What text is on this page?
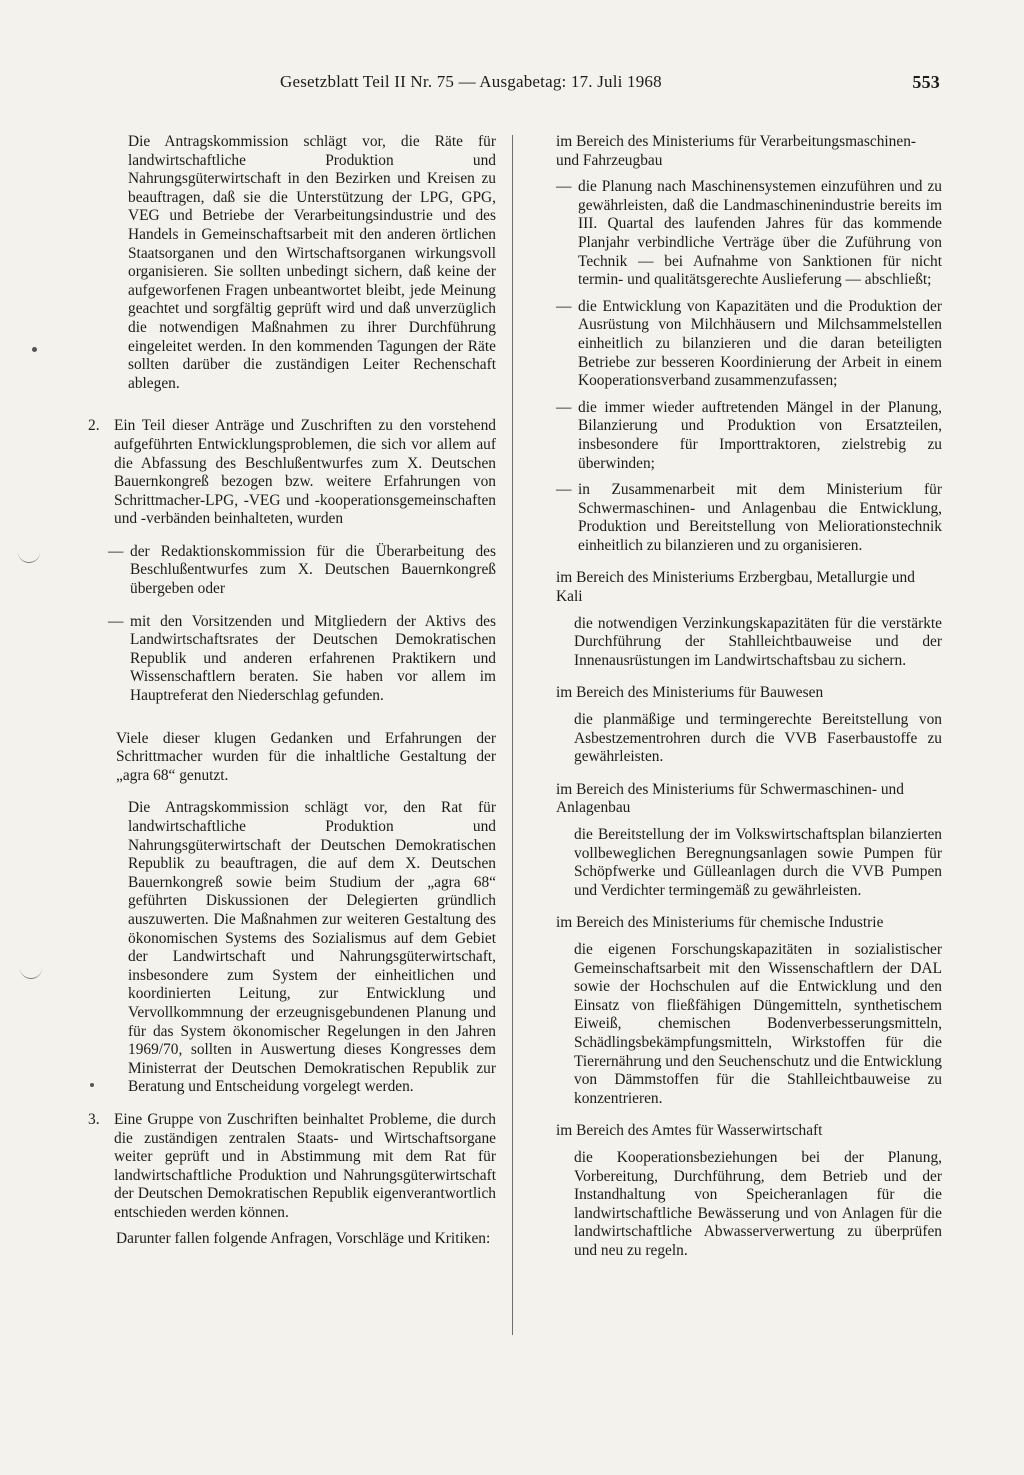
Gesetzblatt Teil II Nr. 75 — Ausgabetag: 17. Juli 1968	553

Die Antragskommission schlägt vor, die Räte für landwirtschaftliche Produktion und Nahrungsgüterwirtschaft in den Bezirken und Kreisen zu beauftragen, daß sie die Unterstützung der LPG, GPG, VEG und Betriebe der Verarbeitungsindustrie und des Handels in Gemeinschaftsarbeit mit den anderen örtlichen Staatsorganen und den Wirtschaftsorganen wirkungsvoll organisieren. Sie sollten unbedingt sichern, daß keine der aufgeworfenen Fragen unbeantwortet bleibt, jede Meinung geachtet und sorgfältig geprüft wird und daß unverzüglich die notwendigen Maßnahmen zu ihrer Durchführung eingeleitet werden. In den kommenden Tagungen der Räte sollten darüber die zuständigen Leiter Rechenschaft ablegen.

2. Ein Teil dieser Anträge und Zuschriften zu den vorstehend aufgeführten Entwicklungsproblemen, die sich vor allem auf die Abfassung des Beschlußentwurfes zum X. Deutschen Bauernkongreß bezogen bzw. weitere Erfahrungen von Schrittmacher-LPG, -VEG und -kooperationsgemeinschaften und -verbänden beinhalteten, wurden
— der Redaktionskommission für die Überarbeitung des Beschlußentwurfes zum X. Deutschen Bauernkongreß übergeben oder
— mit den Vorsitzenden und Mitgliedern der Aktivs des Landwirtschaftsrates der Deutschen Demokratischen Republik und anderen erfahrenen Praktikern und Wissenschaftlern beraten. Sie haben vor allem im Hauptreferat den Niederschlag gefunden.

Viele dieser klugen Gedanken und Erfahrungen der Schrittmacher wurden für die inhaltliche Gestaltung der „agra 68“ genutzt.

Die Antragskommission schlägt vor, den Rat für landwirtschaftliche Produktion und Nahrungsgüterwirtschaft der Deutschen Demokratischen Republik zu beauftragen, die auf dem X. Deutschen Bauernkongreß sowie beim Studium der „agra 68“ geführten Diskussionen der Delegierten gründlich auszuwerten. Die Maßnahmen zur weiteren Gestaltung des ökonomischen Systems des Sozialismus auf dem Gebiet der Landwirtschaft und Nahrungsgüterwirtschaft, insbesondere zum System der einheitlichen und koordinierten Leitung, zur Entwicklung und Vervollkommnung der erzeugnisgebundenen Planung und für das System ökonomischer Regelungen in den Jahren 1969/70, sollten in Auswertung dieses Kongresses dem Ministerrat der Deutschen Demokratischen Republik zur Beratung und Entscheidung vorgelegt werden.

3. Eine Gruppe von Zuschriften beinhaltet Probleme, die durch die zuständigen zentralen Staats- und Wirtschaftsorgane weiter geprüft und in Abstimmung mit dem Rat für landwirtschaftliche Produktion und Nahrungsgüterwirtschaft der Deutschen Demokratischen Republik eigenverantwortlich entschieden werden können.

Darunter fallen folgende Anfragen, Vorschläge und Kritiken:

im Bereich des Ministeriums für Verarbeitungsmaschinen- und Fahrzeugbau

— die Planung nach Maschinensystemen einzuführen und zu gewährleisten, daß die Landmaschinenindustrie bereits im III. Quartal des laufenden Jahres für das kommende Planjahr verbindliche Verträge über die Zuführung von Technik — bei Aufnahme von Sanktionen für nicht termin- und qualitätsgerechte Auslieferung — abschließt;
— die Entwicklung von Kapazitäten und die Produktion der Ausrüstung von Milchhäusern und Milchsammelstellen einheitlich zu bilanzieren und die daran beteiligten Betriebe zur besseren Koordinierung der Arbeit in einem Kooperationsverband zusammenzufassen;
— die immer wieder auftretenden Mängel in der Planung, Bilanzierung und Produktion von Ersatzteilen, insbesondere für Importtraktoren, zielstrebig zu überwinden;
— in Zusammenarbeit mit dem Ministerium für Schwermaschinen- und Anlagenbau die Entwicklung, Produktion und Bereitstellung von Meliorationstechnik einheitlich zu bilanzieren und zu organisieren.

im Bereich des Ministeriums Erzbergbau, Metallurgie und Kali

die notwendigen Verzinkungskapazitäten für die verstärkte Durchführung der Stahlleichtbauweise und der Innenausrüstungen im Landwirtschaftsbau zu sichern.

im Bereich des Ministeriums für Bauwesen

die planmäßige und termingerechte Bereitstellung von Asbestzementrohren durch die VVB Faserbaustoffe zu gewährleisten.

im Bereich des Ministeriums für Schwermaschinen- und Anlagenbau

die Bereitstellung der im Volkswirtschaftsplan bilanzierten vollbeweglichen Beregnungsanlagen sowie Pumpen für Schöpfwerke und Gülleanlagen durch die VVB Pumpen und Verdichter termingemäß zu gewährleisten.

im Bereich des Ministeriums für chemische Industrie

die eigenen Forschungskapazitäten in sozialistischer Gemeinschaftsarbeit mit den Wissenschaftlern der DAL sowie der Hochschulen auf die Entwicklung und den Einsatz von fließfähigen Düngemitteln, synthetischem Eiweiß, chemischen Bodenverbesserungsmitteln, Schädlingsbekämpfungsmitteln, Wirkstoffen für die Tierernährung und den Seuchenschutz und die Entwicklung von Dämmstoffen für die Stahlleichtbauweise zu konzentrieren.

im Bereich des Amtes für Wasserwirtschaft

die Kooperationsbeziehungen bei der Planung, Vorbereitung, Durchführung, dem Betrieb und der Instandhaltung von Speicheranlagen für die landwirtschaftliche Bewässerung und von Anlagen für die landwirtschaftliche Abwasserverwertung zu überprüfen und neu zu regeln.
